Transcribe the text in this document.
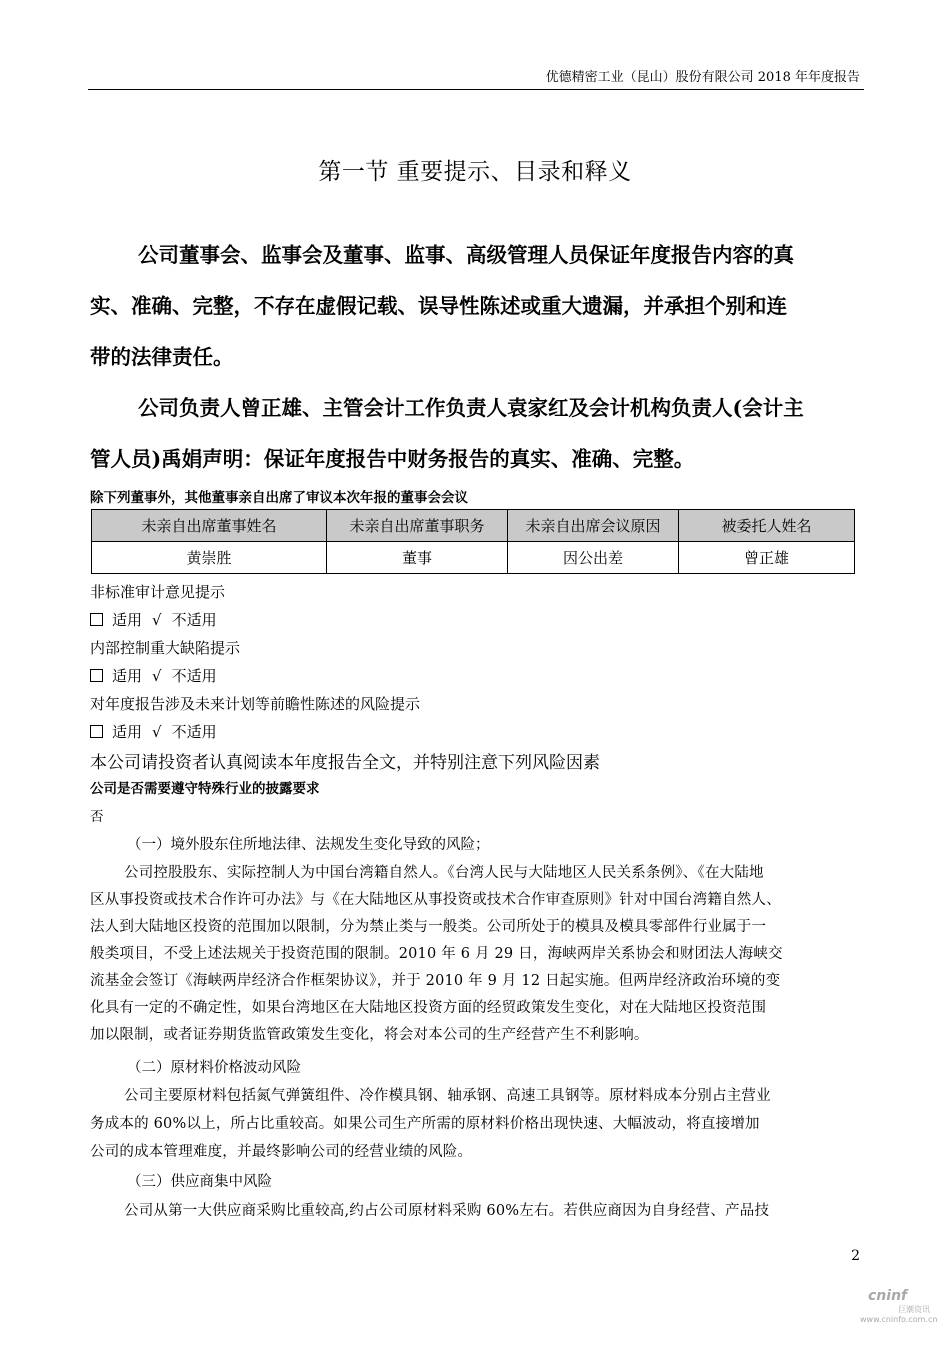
优德精密工业（昆山）股份有限公司 2018 年年度报告
第一节 重要提示、目录和释义
公司董事会、监事会及董事、监事、高级管理人员保证年度报告内容的真
实、准确、完整，不存在虚假记载、误导性陈述或重大遗漏，并承担个别和连
带的法律责任。
公司负责人曾正雄、主管会计工作负责人袁家红及会计机构负责人(会计主
管人员)禹娟声明：保证年度报告中财务报告的真实、准确、完整。
除下列董事外，其他董事亲自出席了审议本次年报的董事会会议
未亲自出席董事姓名	未亲自出席董事职务	未亲自出席会议原因	被委托人姓名
黄崇胜	董事	因公出差	曾正雄
非标准审计意见提示
适用 √ 不适用
内部控制重大缺陷提示
适用 √ 不适用
对年度报告涉及未来计划等前瞻性陈述的风险提示
适用 √ 不适用
本公司请投资者认真阅读本年度报告全文，并特别注意下列风险因素
公司是否需要遵守特殊行业的披露要求
否
（一）境外股东住所地法律、法规发生变化导致的风险；
公司控股股东、实际控制人为中国台湾籍自然人。《台湾人民与大陆地区人民关系条例》、《在大陆地
区从事投资或技术合作许可办法》与《在大陆地区从事投资或技术合作审查原则》针对中国台湾籍自然人、
法人到大陆地区投资的范围加以限制，分为禁止类与一般类。公司所处于的模具及模具零部件行业属于一
般类项目，不受上述法规关于投资范围的限制。2010 年 6 月 29 日，海峡两岸关系协会和财团法人海峡交
流基金会签订《海峡两岸经济合作框架协议》，并于 2010 年 9 月 12 日起实施。但两岸经济政治环境的变
化具有一定的不确定性，如果台湾地区在大陆地区投资方面的经贸政策发生变化，对在大陆地区投资范围
加以限制，或者证券期货监管政策发生变化，将会对本公司的生产经营产生不利影响。
（二）原材料价格波动风险
公司主要原材料包括氮气弹簧组件、冷作模具钢、轴承钢、高速工具钢等。原材料成本分别占主营业
务成本的 60%以上，所占比重较高。如果公司生产所需的原材料价格出现快速、大幅波动，将直接增加
公司的成本管理难度，并最终影响公司的经营业绩的风险。
（三）供应商集中风险
公司从第一大供应商采购比重较高,约占公司原材料采购 60%左右。若供应商因为自身经营、产品技
2
cninf
巨潮资讯
www.cninfo.com.cn
